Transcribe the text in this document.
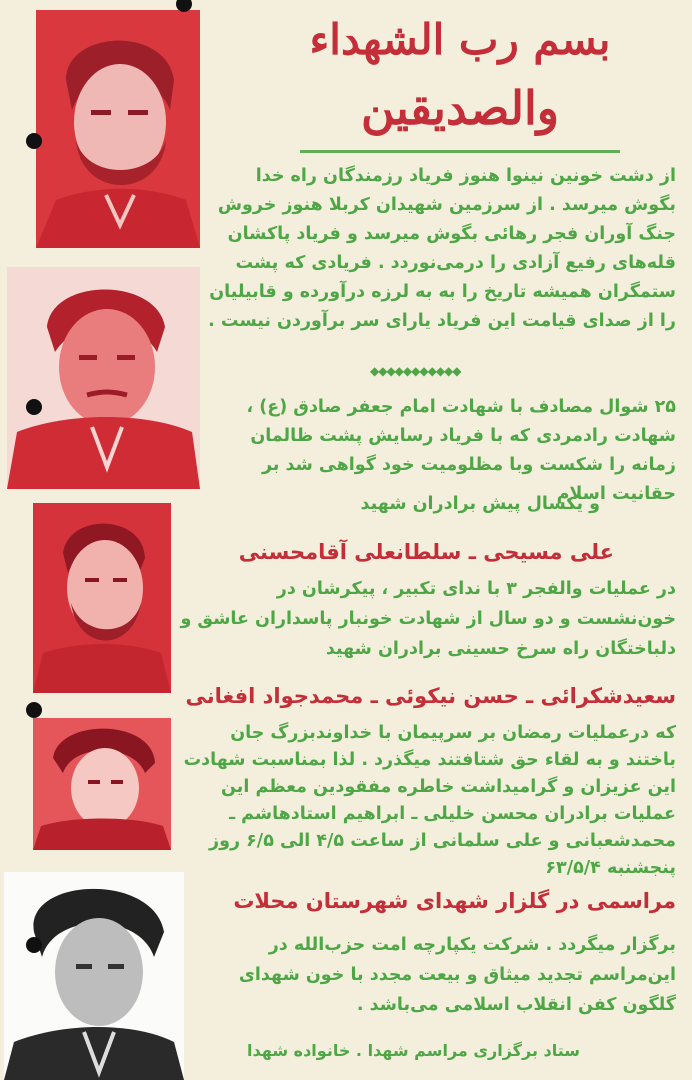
بسم رب الشهداء
والصدیقین

از دشت خونین نینوا هنوز فریاد رزمندگان راه خدا بگوش میرسد . از سرزمین شهیدان کربلا هنوز خروش جنگ آوران فجر رهائی بگوش میرسد و فریاد پاکشان قله‌های رفیع آزادی را درمی‌نوردد . فریادی که پشت ستمگران همیشه تاریخ را به به لرزه درآورده و قابیلیان را از صدای قیامت این فریاد یارای سر برآوردن نیست .

◆◆◆◆◆◆◆◆◆◆◆

۲۵ شوال مصادف با شهادت امام جعفر صادق (ع) ، شهادت رادمردی که با فریاد رسایش پشت ظالمان زمانه را شکست وبا مظلومیت خود گواهی شد بر حقانیت اسلام

و یکسال پیش برادران شهید
علی مسیحی ـ سلطانعلی آقامحسنی

در عملیات والفجر ۳ با ندای تکبیر ، پیکرشان در خون‌نشست و دو سال از شهادت خونبار پاسداران عاشق و دلباختگان راه سرخ حسینی برادران شهید

سعیدشکرائی ـ حسن نیکوئی ـ محمدجواد افغانی

که درعملیات رمضان بر سرپیمان با خداوندبزرگ جان باختند و به لقاء حق شتافتند میگذرد . لذا بمناسبت شهادت این عزیزان و گرامیداشت خاطره مفقودین معظم این عملیات برادران محسن خلیلی ـ ابراهیم استادهاشم ـ محمدشعبانی و علی سلمانی از ساعت ۴/۵ الی ۶/۵ روز پنجشنبه ۶۳/۵/۴

مراسمی در گلزار شهدای شهرستان محلات

برگزار میگردد . شرکت یکپارچه امت حزب‌الله در این‌مراسم تجدید میثاق و بیعت مجدد با خون شهدای گلگون کفن انقلاب اسلامی می‌باشد .

ستاد برگزاری مراسم شهدا . خانواده شهدا
